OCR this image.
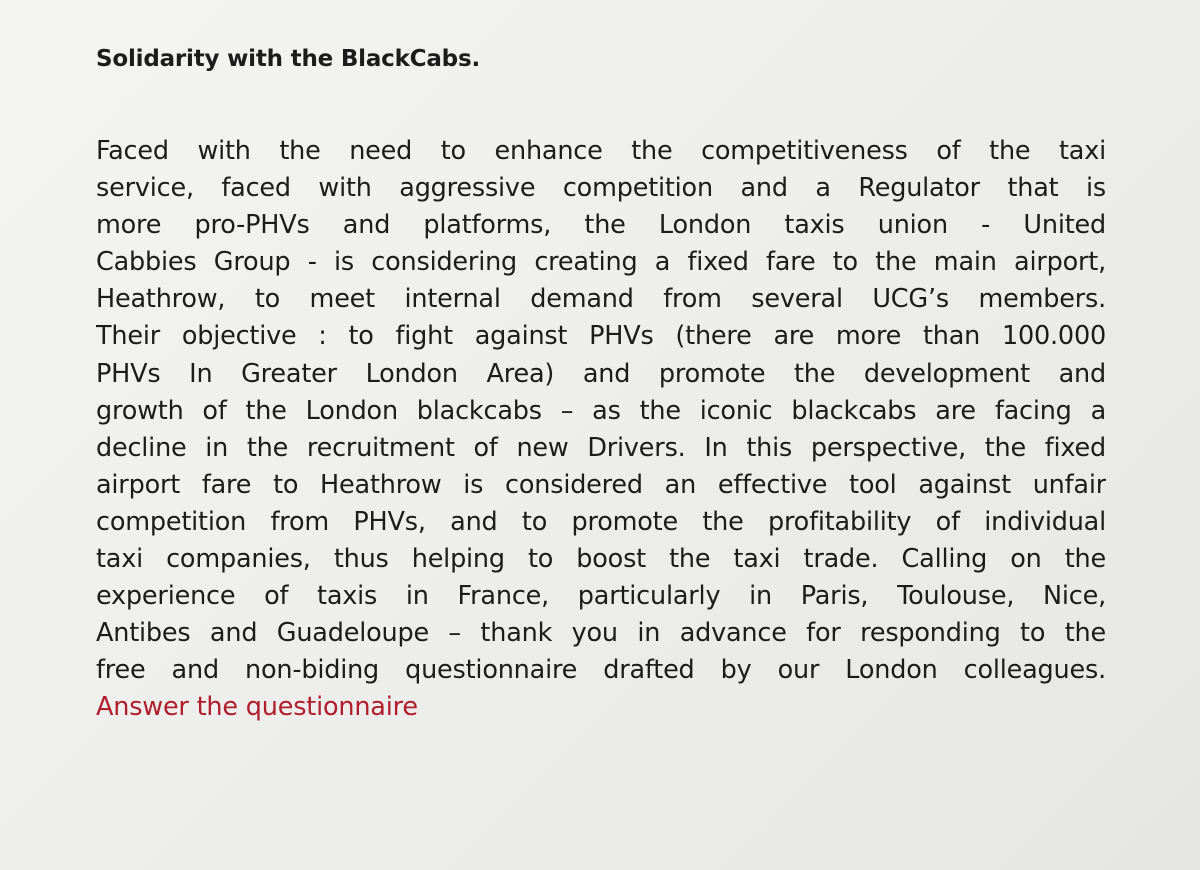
Solidarity with the BlackCabs.
Faced with the need to enhance the competitiveness of the taxi
service, faced with aggressive competition and a Regulator that is
more pro-PHVs and platforms, the London taxis union - United
Cabbies Group - is considering creating a fixed fare to the main airport,
Heathrow, to meet internal demand from several UCG’s members.
Their objective : to fight against PHVs (there are more than 100.000
PHVs In Greater London Area) and promote the development and
growth of the London blackcabs – as the iconic blackcabs are facing a
decline in the recruitment of new Drivers. In this perspective, the fixed
airport fare to Heathrow is considered an effective tool against unfair
competition from PHVs, and to promote the profitability of individual
taxi companies, thus helping to boost the taxi trade. Calling on the
experience of taxis in France, particularly in Paris, Toulouse, Nice,
Antibes and Guadeloupe – thank you in advance for responding to the
free and non-biding questionnaire drafted by our London colleagues.
Answer the questionnaire
